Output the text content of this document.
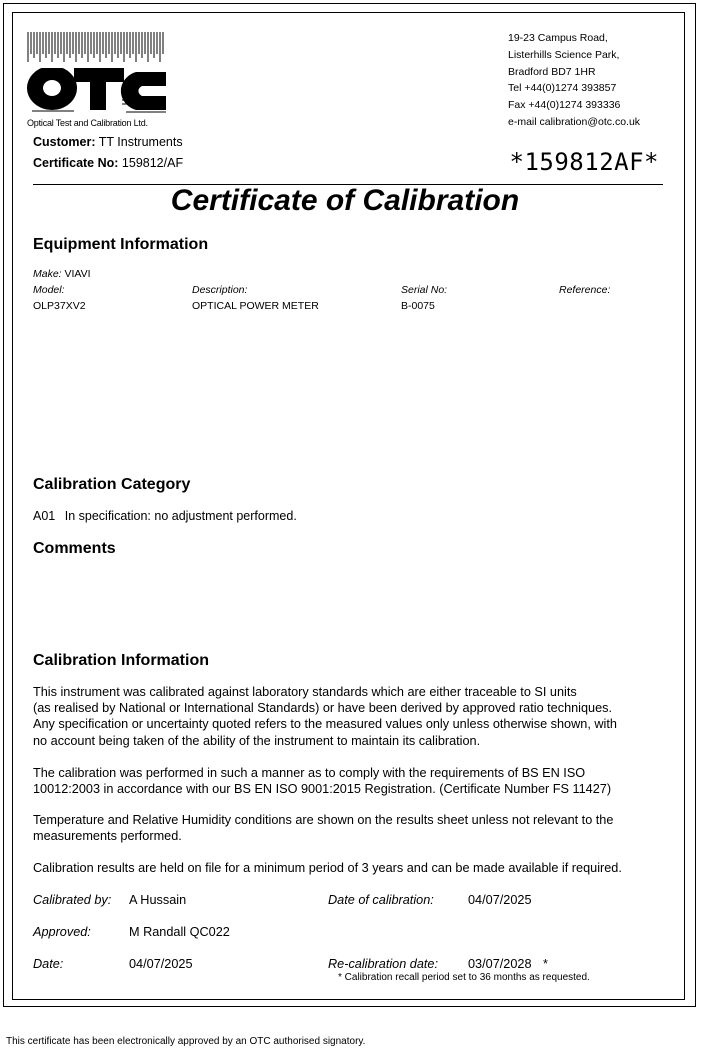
Optical Test and Calibration Ltd.
19-23 Campus Road,
Listerhills Science Park,
Bradford BD7 1HR
Tel +44(0)1274 393857
Fax +44(0)1274 393336
e-mail calibration@otc.co.uk
Customer: TT Instruments
Certificate No: 159812/AF	*159812AF*
Certificate of Calibration
Equipment Information
Make: VIAVI
Model:	Description:	Serial No:	Reference:
OLP37XV2	OPTICAL POWER METER	B-0075
Calibration Category
A01 In specification: no adjustment performed.
Comments
Calibration Information
This instrument was calibrated against laboratory standards which are either traceable to SI units
(as realised by National or International Standards) or have been derived by approved ratio techniques.
Any specification or uncertainty quoted refers to the measured values only unless otherwise shown, with
no account being taken of the ability of the instrument to maintain its calibration.
The calibration was performed in such a manner as to comply with the requirements of BS EN ISO
10012:2003 in accordance with our BS EN ISO 9001:2015 Registration. (Certificate Number FS 11427)
Temperature and Relative Humidity conditions are shown on the results sheet unless not relevant to the
measurements performed.
Calibration results are held on file for a minimum period of 3 years and can be made available if required.
Calibrated by: A Hussain	Date of calibration:	04/07/2025
Approved:	M Randall QC022
Date:	04/07/2025	Re-calibration date: 03/07/2028 *
* Calibration recall period set to 36 months as requested.
This certificate has been electronically approved by an OTC authorised signatory.
